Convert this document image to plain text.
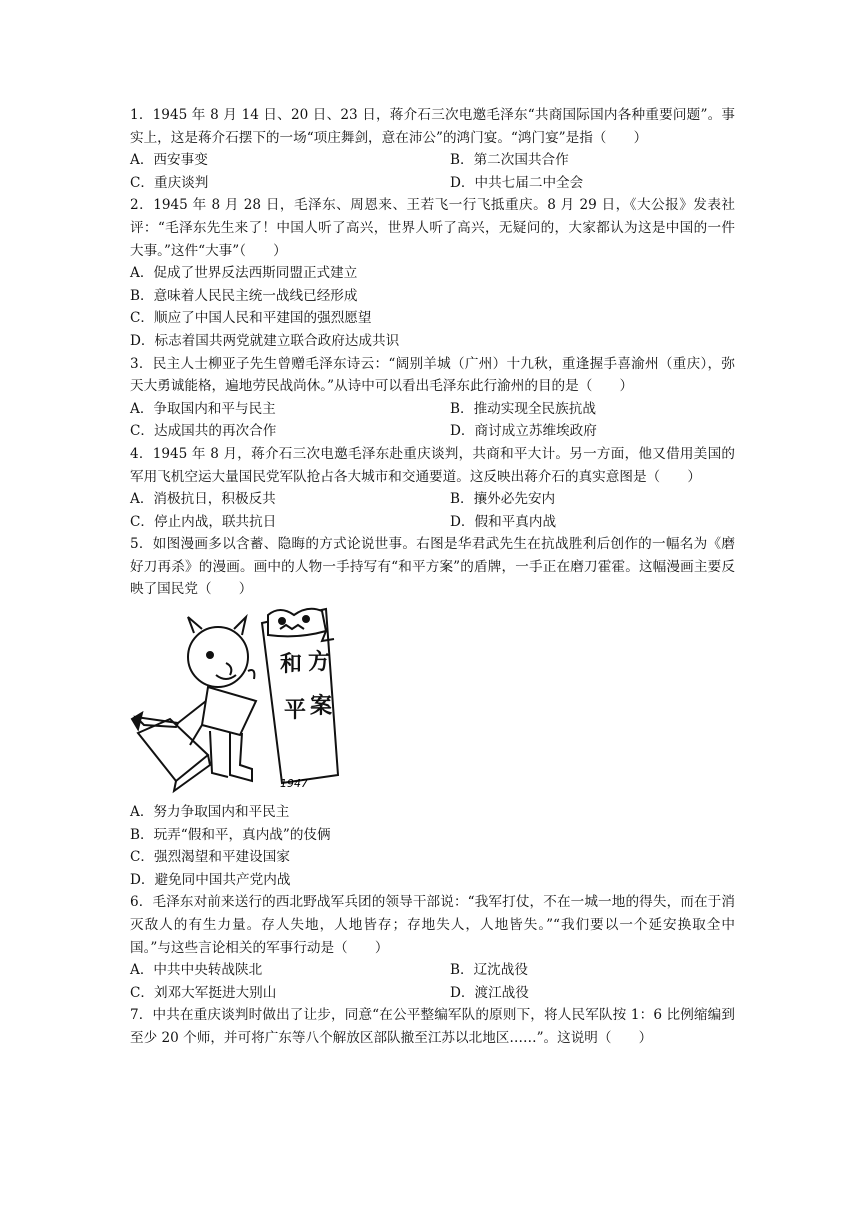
1．1945 年 8 月 14 日、20 日、23 日，蒋介石三次电邀毛泽东“共商国际国内各种重要问题”。事实上，这是蒋介石摆下的一场“项庄舞剑，意在沛公”的鸿门宴。“鸿门宴”是指（　　）

A．西安事变	B．第二次国共合作
C．重庆谈判	D．中共七届二中全会

2．1945 年 8 月 28 日，毛泽东、周恩来、王若飞一行飞抵重庆。8 月 29 日，《大公报》发表社评：“毛泽东先生来了！中国人听了高兴，世界人听了高兴，无疑问的，大家都认为这是中国的一件大事。”这件“大事”（　　）

A．促成了世界反法西斯同盟正式建立

B．意味着人民民主统一战线已经形成

C．顺应了中国人民和平建国的强烈愿望

D．标志着国共两党就建立联合政府达成共识

3．民主人士柳亚子先生曾赠毛泽东诗云：“阔别羊城（广州）十九秋，重逢握手喜渝州（重庆），弥天大勇诚能格，遍地劳民战尚休。”从诗中可以看出毛泽东此行渝州的目的是（　　）

A．争取国内和平与民主	B．推动实现全民族抗战
C．达成国共的再次合作	D．商讨成立苏维埃政府

4．1945 年 8 月，蒋介石三次电邀毛泽东赴重庆谈判，共商和平大计。另一方面，他又借用美国的军用飞机空运大量国民党军队抢占各大城市和交通要道。这反映出蒋介石的真实意图是（　　）

A．消极抗日，积极反共	B．攘外必先安内
C．停止内战，联共抗日	D．假和平真内战

5．如图漫画多以含蓄、隐晦的方式论说世事。右图是华君武先生在抗战胜利后创作的一幅名为《磨好刀再杀》的漫画。画中的人物一手持写有“和平方案”的盾牌，一手正在磨刀霍霍。这幅漫画主要反映了国民党（　　）

和 方
平 案
1947

A．努力争取国内和平民主

B．玩弄“假和平，真内战”的伎俩

C．强烈渴望和平建设国家

D．避免同中国共产党内战

6．毛泽东对前来送行的西北野战军兵团的领导干部说：“我军打仗，不在一城一地的得失，而在于消灭敌人的有生力量。存人失地，人地皆存；存地失人，人地皆失。”“我们要以一个延安换取全中国。”与这些言论相关的军事行动是（　　）

A．中共中央转战陕北	B．辽沈战役
C．刘邓大军挺进大别山	D．渡江战役

7．中共在重庆谈判时做出了让步，同意“在公平整编军队的原则下，将人民军队按 1：6 比例缩编到至少 20 个师，并可将广东等八个解放区部队撤至江苏以北地区……”。这说明（　　）
